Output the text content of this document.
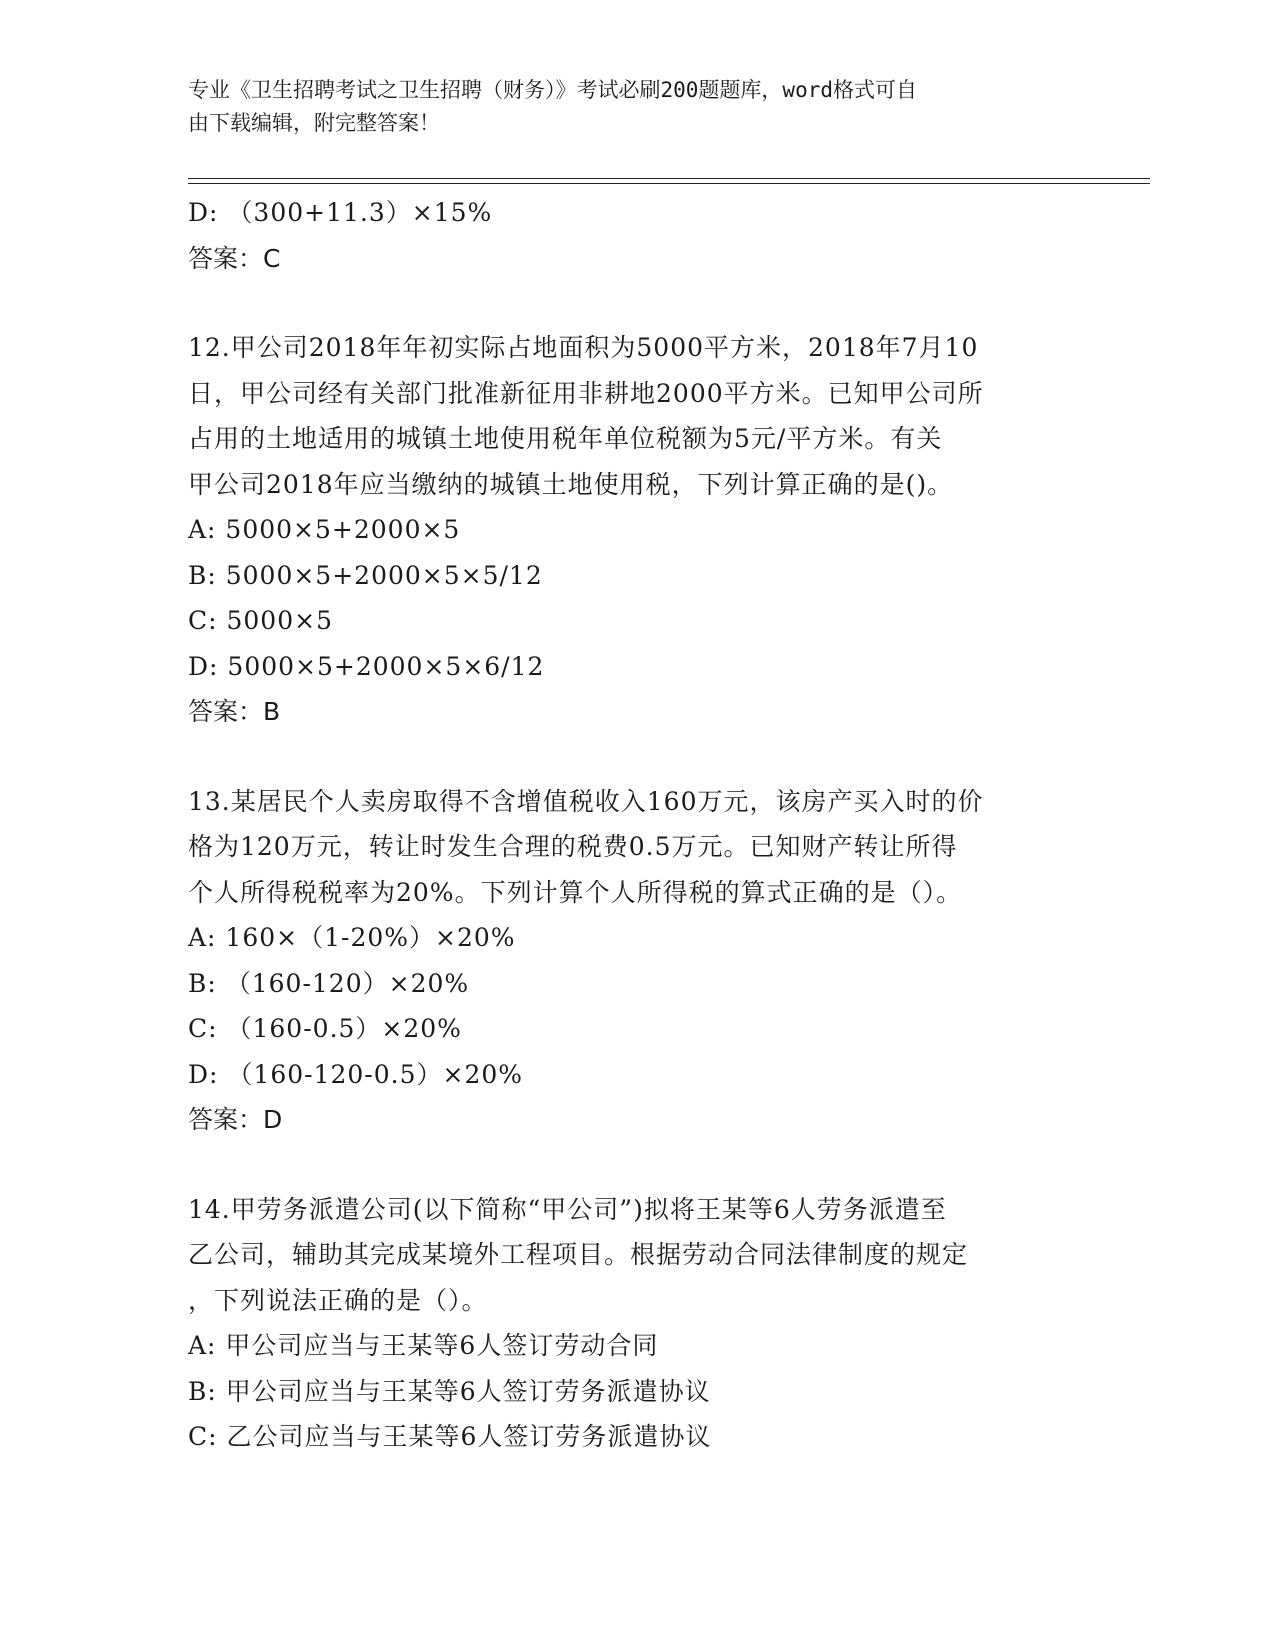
专业《卫生招聘考试之卫生招聘（财务）》考试必刷200题题库，word格式可自
由下载编辑，附完整答案！
D: （300+11.3）×15%
答案：C
12.甲公司2018年年初实际占地面积为5000平方米，2018年7月10
日，甲公司经有关部门批准新征用非耕地2000平方米。已知甲公司所
占用的土地适用的城镇土地使用税年单位税额为5元/平方米。有关
甲公司2018年应当缴纳的城镇土地使用税，下列计算正确的是()。
A: 5000×5+2000×5
B: 5000×5+2000×5×5/12
C: 5000×5
D: 5000×5+2000×5×6/12
答案：B
13.某居民个人卖房取得不含增值税收入160万元，该房产买入时的价
格为120万元，转让时发生合理的税费0.5万元。已知财产转让所得
个人所得税税率为20%。下列计算个人所得税的算式正确的是（）。
A: 160×（1-20%）×20%
B: （160-120）×20%
C: （160-0.5）×20%
D: （160-120-0.5）×20%
答案：D
14.甲劳务派遣公司(以下简称“甲公司”)拟将王某等6人劳务派遣至
乙公司，辅助其完成某境外工程项目。根据劳动合同法律制度的规定
，下列说法正确的是（）。
A: 甲公司应当与王某等6人签订劳动合同
B: 甲公司应当与王某等6人签订劳务派遣协议
C: 乙公司应当与王某等6人签订劳务派遣协议
